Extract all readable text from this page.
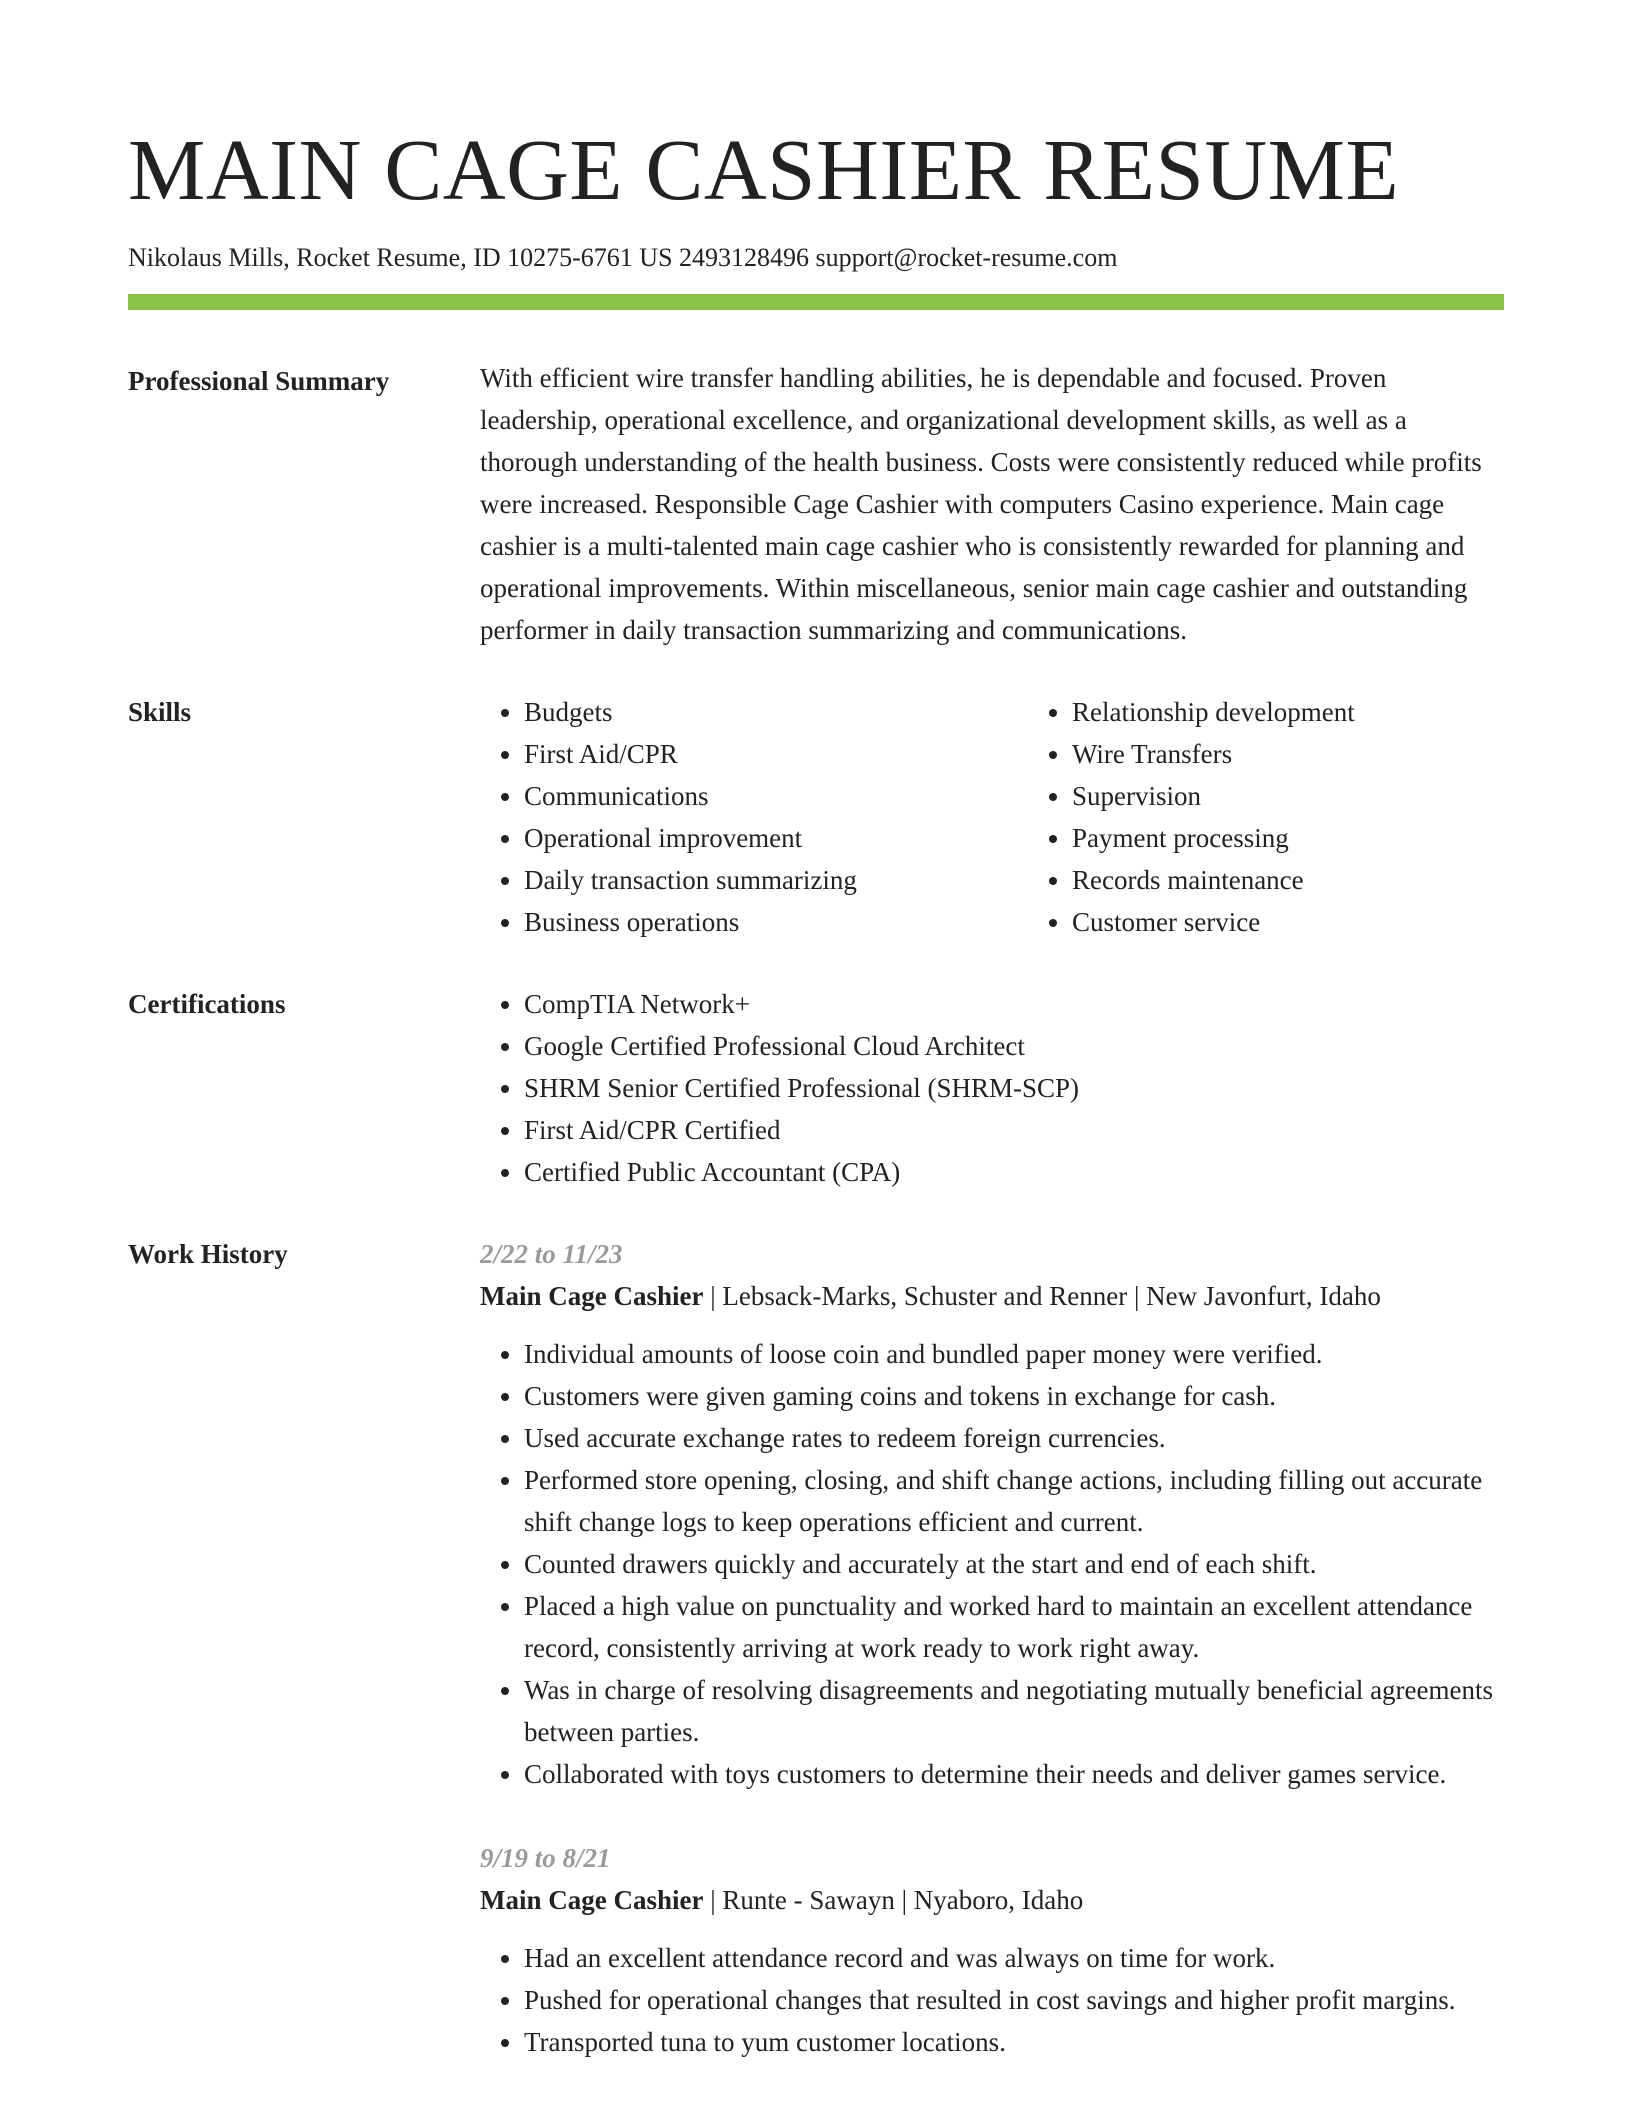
MAIN CAGE CASHIER RESUME
Nikolaus Mills, Rocket Resume, ID 10275-6761 US 2493128496 support@rocket-resume.com
Professional Summary	With efficient wire transfer handling abilities, he is dependable and focused. Proven leadership, operational excellence, and organizational development skills, as well as a thorough understanding of the health business. Costs were consistently reduced while profits were increased. Responsible Cage Cashier with computers Casino experience. Main cage cashier is a multi-talented main cage cashier who is consistently rewarded for planning and operational improvements. Within miscellaneous, senior main cage cashier and outstanding performer in daily transaction summarizing and communications.

Skills	• Budgets
• First Aid/CPR
• Communications
• Operational improvement
• Daily transaction summarizing
• Business operations
• Relationship development
• Wire Transfers
• Supervision
• Payment processing
• Records maintenance
• Customer service
Certifications	• CompTIA Network+
• Google Certified Professional Cloud Architect
• SHRM Senior Certified Professional (SHRM-SCP)
• First Aid/CPR Certified
• Certified Public Accountant (CPA)
Work History	2/22 to 11/23
Main Cage Cashier | Lebsack-Marks, Schuster and Renner | New Javonfurt, Idaho
• Individual amounts of loose coin and bundled paper money were verified.
• Customers were given gaming coins and tokens in exchange for cash.
• Used accurate exchange rates to redeem foreign currencies.
• Performed store opening, closing, and shift change actions, including filling out accurate shift change logs to keep operations efficient and current.
• Counted drawers quickly and accurately at the start and end of each shift.
• Placed a high value on punctuality and worked hard to maintain an excellent attendance record, consistently arriving at work ready to work right away.
• Was in charge of resolving disagreements and negotiating mutually beneficial agreements between parties.
• Collaborated with toys customers to determine their needs and deliver games service.
9/19 to 8/21
Main Cage Cashier | Runte - Sawayn | Nyaboro, Idaho
• Had an excellent attendance record and was always on time for work.
• Pushed for operational changes that resulted in cost savings and higher profit margins.
• Transported tuna to yum customer locations.
